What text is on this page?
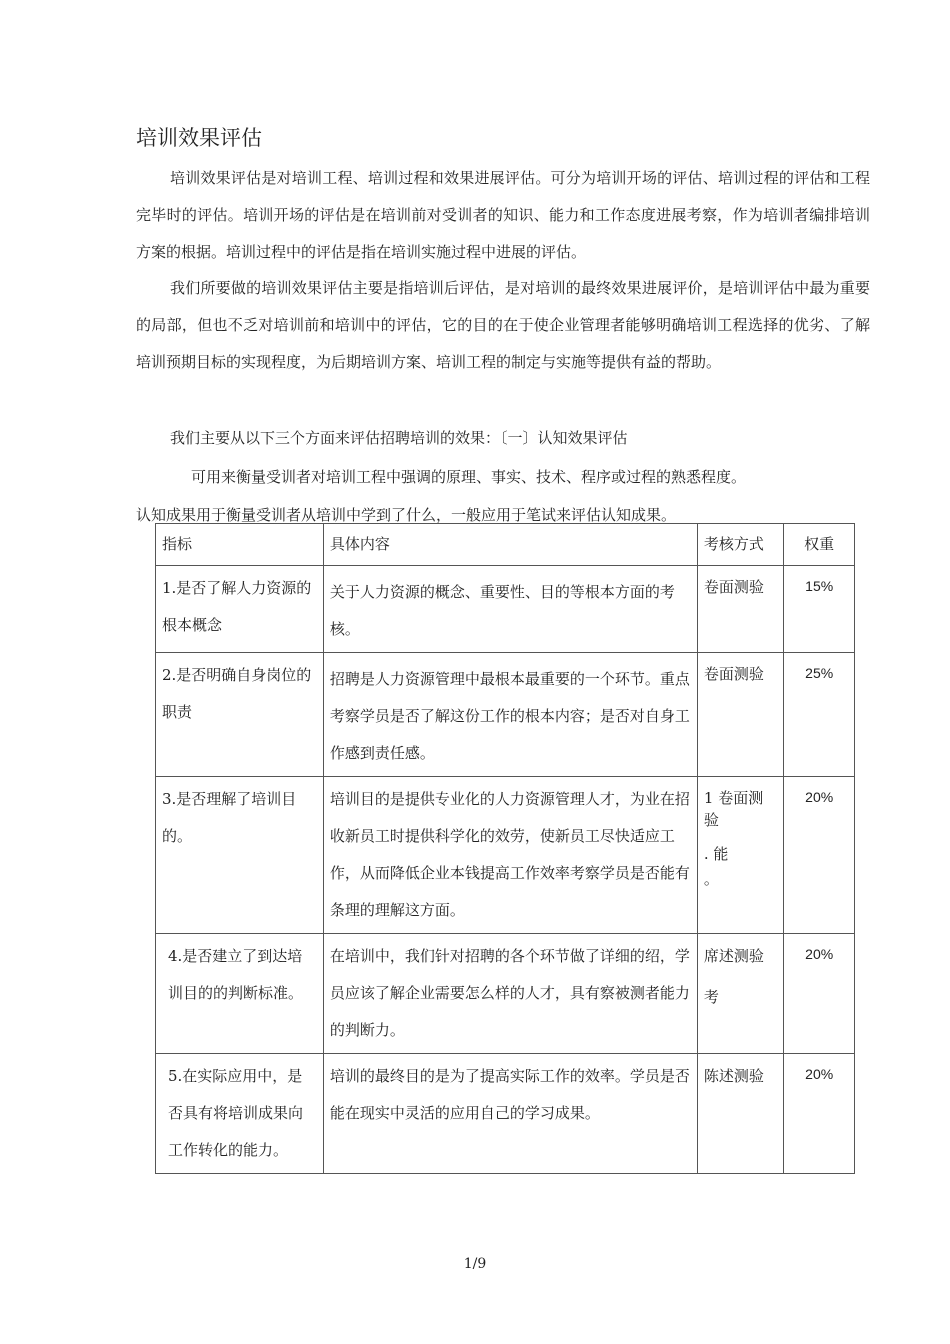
培训效果评估
培训效果评估是对培训工程、培训过程和效果进展评估。可分为培训开场的评估、培训过程的评估和工程完毕时的评估。培训开场的评估是在培训前对受训者的知识、能力和工作态度进展考察，作为培训者编排培训方案的根据。培训过程中的评估是指在培训实施过程中进展的评估。
我们所要做的培训效果评估主要是指培训后评估，是对培训的最终效果进展评价，是培训评估中最为重要的局部，但也不乏对培训前和培训中的评估，它的目的在于使企业管理者能够明确培训工程选择的优劣、了解培训预期目标的实现程度，为后期培训方案、培训工程的制定与实施等提供有益的帮助。
我们主要从以下三个方面来评估招聘培训的效果：〔一〕认知效果评估
可用来衡量受训者对培训工程中强调的原理、事实、技术、程序或过程的熟悉程度。
认知成果用于衡量受训者从培训中学到了什么，一般应用于笔试来评估认知成果。
指标	具体内容	考核方式	权重

1.是否了解人力资源的根本概念	关于人力资源的概念、重要性、目的等根本方面的考核。	卷面测验	15%

2.是否明确自身岗位的职责	招聘是人力资源管理中最根本最重要的一个环节。重点考察学员是否了解这份工作的根本内容；是否对自身工作感到责任感。	卷面测验	25%

3.是否理解了培训目的。	培训目的是提供专业化的人力资源管理人才，为业在招收新员工时提供科学化的效劳，使新员工尽快适应工作，从而降低企业本钱提高工作效率考察学员是否能有条理的理解这方面。	1 卷面测验
. 能
。	20%

4.是否建立了到达培训目的的判断标准。	在培训中，我们针对招聘的各个环节做了详细的绍，学员应该了解企业需要怎么样的人才，具有察被测者能力的判断力。	席述测验
考	20%

5.在实际应用中，是否具有将培训成果向工作转化的能力。	培训的最终目的是为了提高实际工作的效率。学员是否能在现实中灵活的应用自己的学习成果。	陈述测验	20%
1/9
